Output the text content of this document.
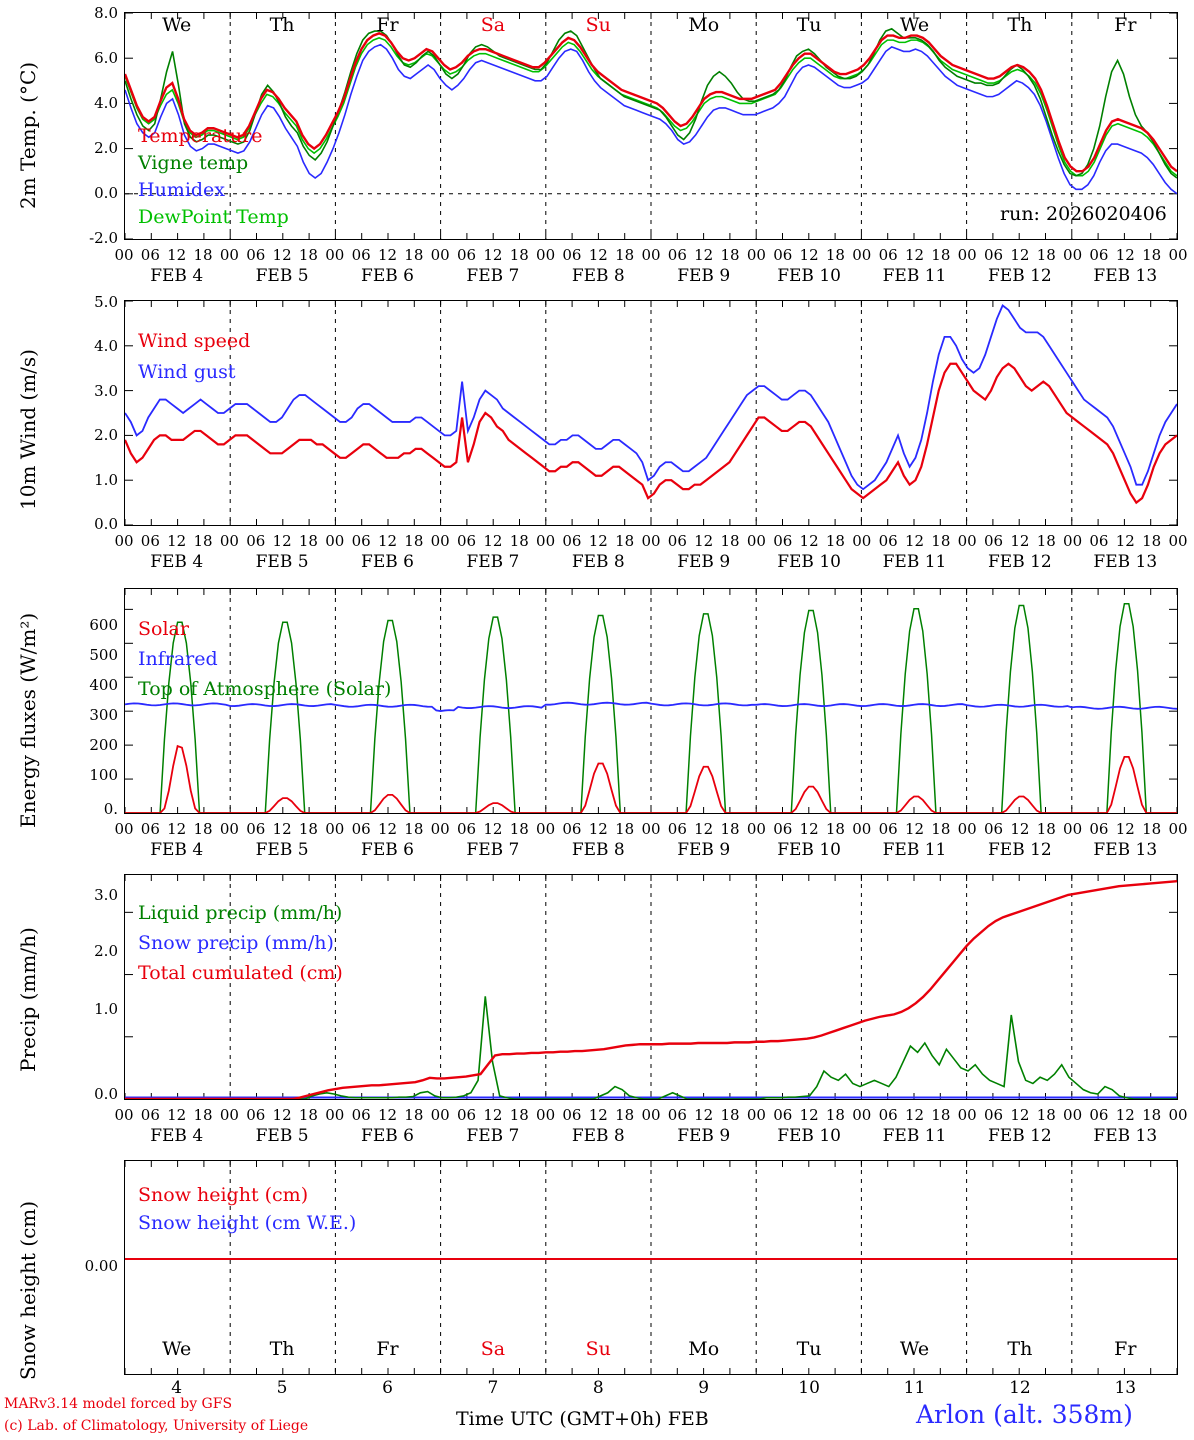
2m Temp. (°C)
8.0
6.0
4.0
2.0
0.0
-2.0
We	Th	Fr	Sa	Su	Mo	Tu	We	Th	Fr
Temperature
Vigne temp
Humidex
DewPoint Temp	run: 2026020406
00 06 12 18 00 06 12 18 00 06 12 18 00 06 12 18 00 06 12 18 00 06 12 18 00 06 12 18 00 06 12 18 00 06 12 18 00 06 12 18 00
FEB 4	FEB 5	FEB 6	FEB 7	FEB 8	FEB 9	FEB 10	FEB 11	FEB 12	FEB 13
10m Wind (m/s)
5.0
4.0
3.0
2.0
1.0
0.0
Wind speed
Wind gust
00 06 12 18 00 06 12 18 00 06 12 18 00 06 12 18 00 06 12 18 00 06 12 18 00 06 12 18 00 06 12 18 00 06 12 18 00 06 12 18 00
FEB 4	FEB 5	FEB 6	FEB 7	FEB 8	FEB 9	FEB 10	FEB 11	FEB 12	FEB 13
Energy fluxes (W/m²)	600
500
400
300
200
100
0.
Solar
Infrared
Top of Atmosphere (Solar)
00 06 12 18 00 06 12 18 00 06 12 18 00 06 12 18 00 06 12 18 00 06 12 18 00 06 12 18 00 06 12 18 00 06 12 18 00 06 12 18 00
FEB 4	FEB 5	FEB 6	FEB 7	FEB 8	FEB 9	FEB 10	FEB 11	FEB 12	FEB 13
Precip (mm/h)
3.0
2.0
1.0
0.0
Liquid precip (mm/h)
Snow precip (mm/h)
Total cumulated (cm)
00 06 12 18 00 06 12 18 00 06 12 18 00 06 12 18 00 06 12 18 00 06 12 18 00 06 12 18 00 06 12 18 00 06 12 18 00 06 12 18 00
FEB 4	FEB 5	FEB 6	FEB 7	FEB 8	FEB 9	FEB 10	FEB 11	FEB 12	FEB 13
Snow height (cm)	0.00
Snow height (cm)
Snow height (cm W.E.)
We	Th	Fr	Sa	Su	Mo	Tu	We	Th	Fr
4	5	6	7	8	9	10	11	12	13
MARv3.14 model forced by GFS
(c) Lab. of Climatology, University of Liege	Time UTC (GMT+0h) FEB	Arlon (alt. 358m)
